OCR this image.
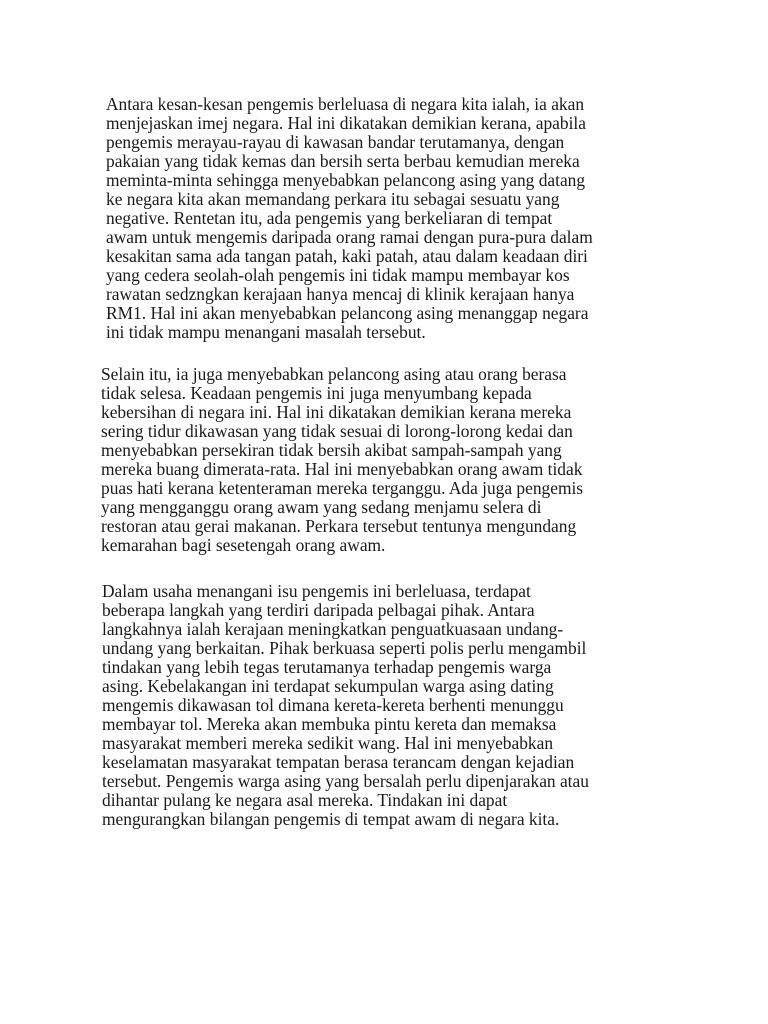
Antara kesan-kesan pengemis berleluasa di negara kita ialah, ia akan
menjejaskan imej negara. Hal ini dikatakan demikian kerana, apabila
pengemis merayau-rayau di kawasan bandar terutamanya, dengan
pakaian yang tidak kemas dan bersih serta berbau kemudian mereka
meminta-minta sehingga menyebabkan pelancong asing yang datang
ke negara kita akan memandang perkara itu sebagai sesuatu yang
negative. Rentetan itu, ada pengemis yang berkeliaran di tempat
awam untuk mengemis daripada orang ramai dengan pura-pura dalam
kesakitan sama ada tangan patah, kaki patah, atau dalam keadaan diri
yang cedera seolah-olah pengemis ini tidak mampu membayar kos
rawatan sedzngkan kerajaan hanya mencaj di klinik kerajaan hanya
RM1. Hal ini akan menyebabkan pelancong asing menanggap negara
ini tidak mampu menangani masalah tersebut.

Selain itu, ia juga menyebabkan pelancong asing atau orang berasa
tidak selesa. Keadaan pengemis ini juga menyumbang kepada
kebersihan di negara ini. Hal ini dikatakan demikian kerana mereka
sering tidur dikawasan yang tidak sesuai di lorong-lorong kedai dan
menyebabkan persekiran tidak bersih akibat sampah-sampah yang
mereka buang dimerata-rata. Hal ini menyebabkan orang awam tidak
puas hati kerana ketenteraman mereka terganggu. Ada juga pengemis
yang mengganggu orang awam yang sedang menjamu selera di
restoran atau gerai makanan. Perkara tersebut tentunya mengundang
kemarahan bagi sesetengah orang awam.

Dalam usaha menangani isu pengemis ini berleluasa, terdapat
beberapa langkah yang terdiri daripada pelbagai pihak. Antara
langkahnya ialah kerajaan meningkatkan penguatkuasaan undang-
undang yang berkaitan. Pihak berkuasa seperti polis perlu mengambil
tindakan yang lebih tegas terutamanya terhadap pengemis warga
asing. Kebelakangan ini terdapat sekumpulan warga asing dating
mengemis dikawasan tol dimana kereta-kereta berhenti menunggu
membayar tol. Mereka akan membuka pintu kereta dan memaksa
masyarakat memberi mereka sedikit wang. Hal ini menyebabkan
keselamatan masyarakat tempatan berasa terancam dengan kejadian
tersebut. Pengemis warga asing yang bersalah perlu dipenjarakan atau
dihantar pulang ke negara asal mereka. Tindakan ini dapat
mengurangkan bilangan pengemis di tempat awam di negara kita.
